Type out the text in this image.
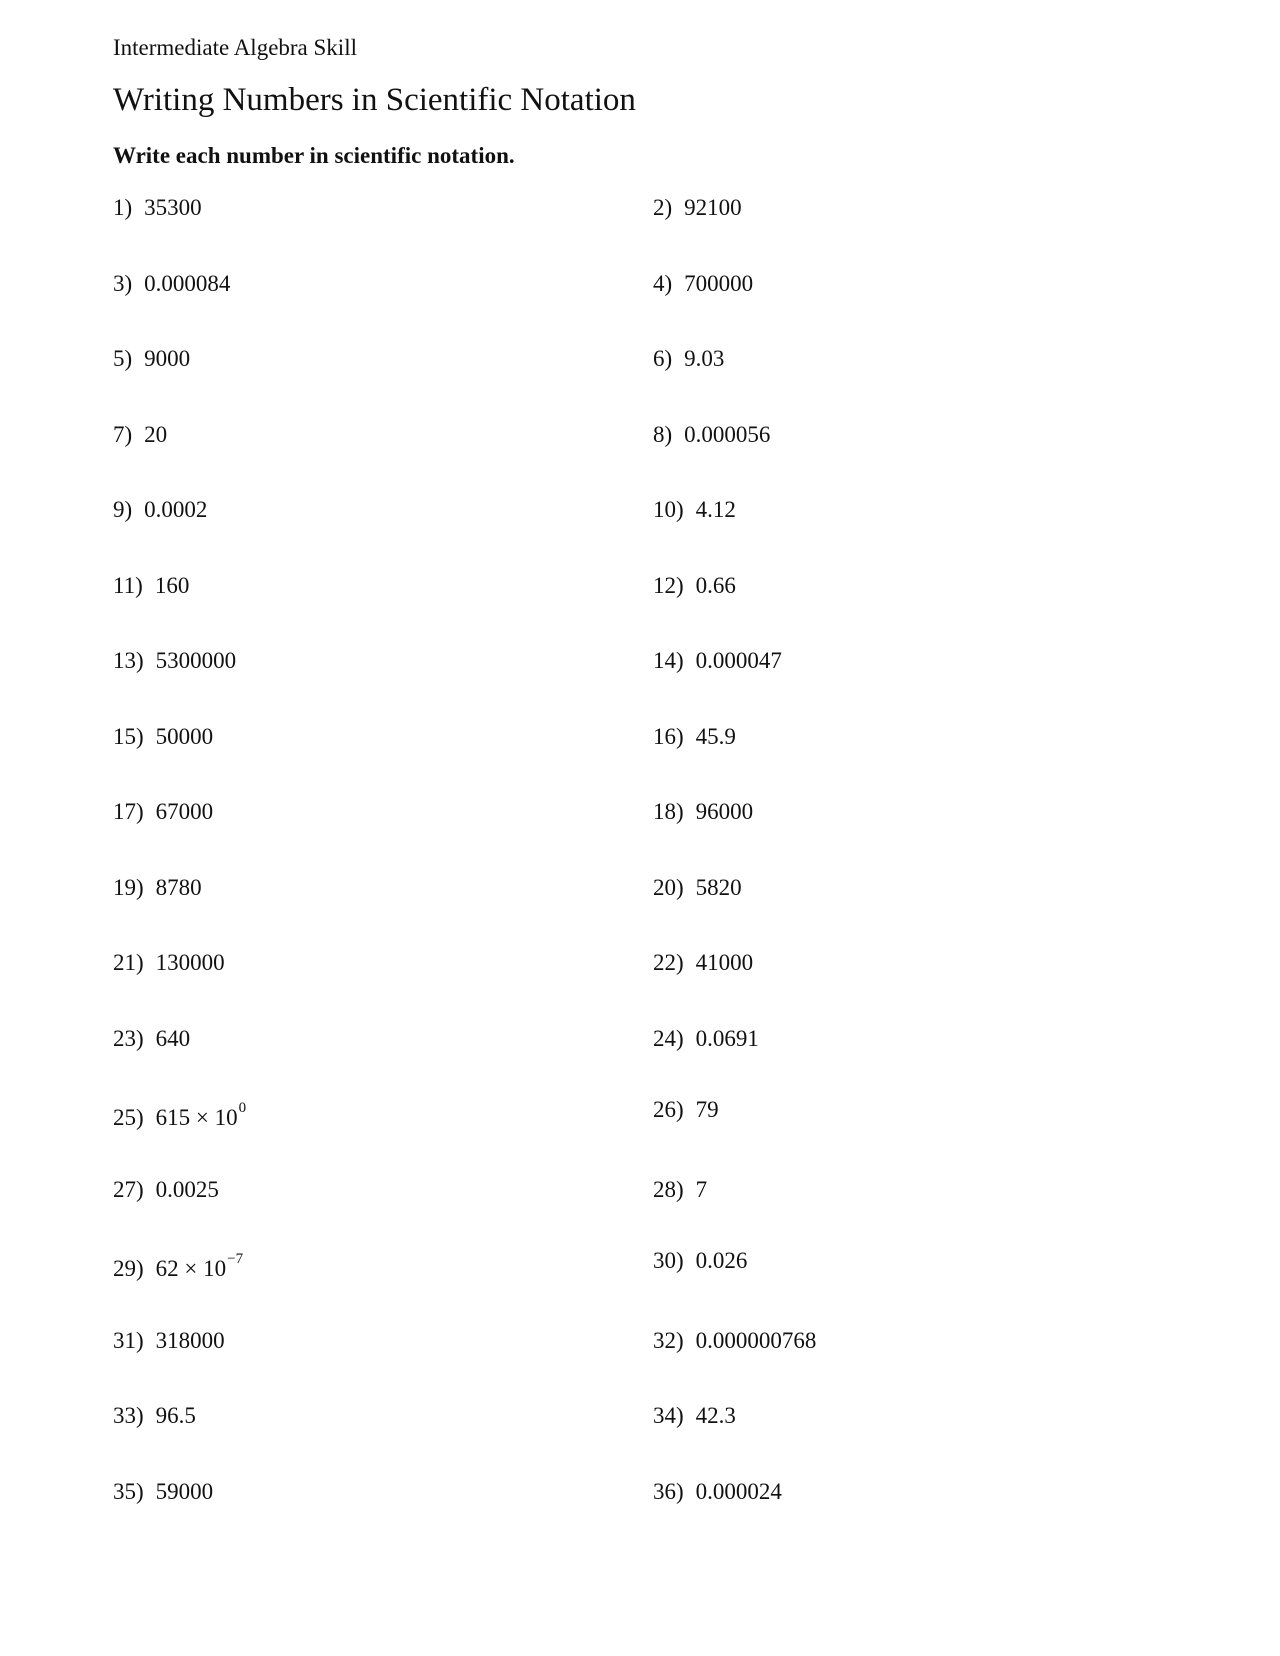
Intermediate Algebra Skill
Writing Numbers in Scientific Notation
Write each number in scientific notation.
1) 35300	2) 92100
3) 0.000084	4) 700000
5) 9000	6) 9.03
7) 20	8) 0.000056
9) 0.0002	10) 4.12
11) 160	12) 0.66
13) 5300000	14) 0.000047
15) 50000	16) 45.9
17) 67000	18) 96000
19) 8780	20) 5820
21) 130000	22) 41000
23) 640	24) 0.0691
25) $615 \times 10^0$	26) 79
27) 0.0025	28) 7
29) $62 \times 10^{-7}$	30) 0.026
31) 318000	32) 0.000000768
33) 96.5	34) 42.3
35) 59000	36) 0.000024
